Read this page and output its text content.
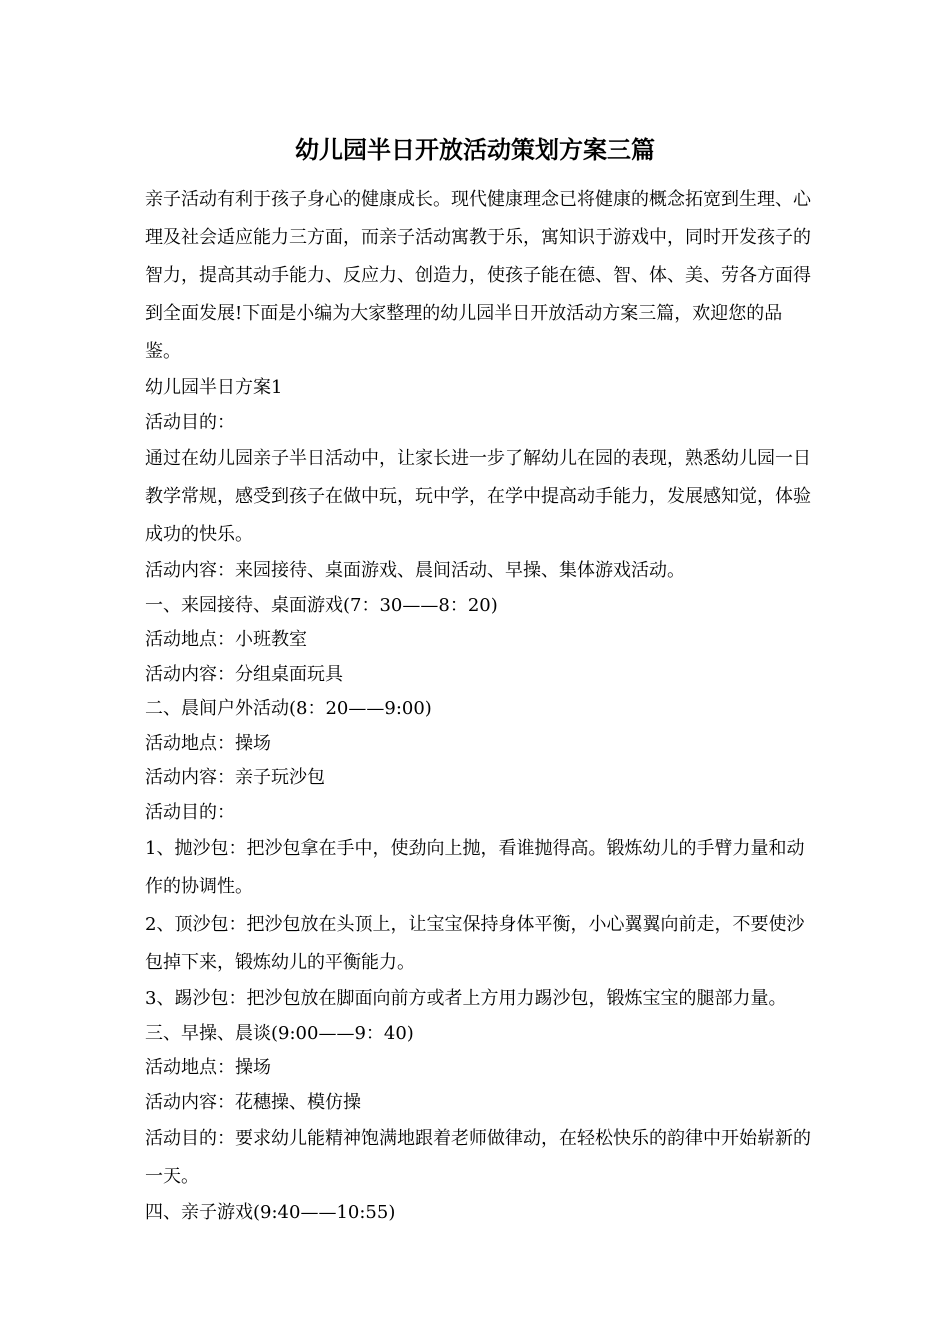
幼儿园半日开放活动策划方案三篇

亲子活动有利于孩子身心的健康成长。现代健康理念已将健康的概念拓宽到生理、心理及社会适应能力三方面，而亲子活动寓教于乐，寓知识于游戏中，同时开发孩子的智力，提高其动手能力、反应力、创造力，使孩子能在德、智、体、美、劳各方面得到全面发展!下面是小编为大家整理的幼儿园半日开放活动方案三篇，欢迎您的品鉴。

幼儿园半日方案1

活动目的：

通过在幼儿园亲子半日活动中，让家长进一步了解幼儿在园的表现，熟悉幼儿园一日教学常规，感受到孩子在做中玩，玩中学，在学中提高动手能力，发展感知觉，体验成功的快乐。

活动内容：来园接待、桌面游戏、晨间活动、早操、集体游戏活动。

一、来园接待、桌面游戏(7：30——8：20)

活动地点：小班教室

活动内容：分组桌面玩具

二、晨间户外活动(8：20——9:00)

活动地点：操场

活动内容：亲子玩沙包

活动目的：

1、抛沙包：把沙包拿在手中，使劲向上抛，看谁抛得高。锻炼幼儿的手臂力量和动作的协调性。

2、顶沙包：把沙包放在头顶上，让宝宝保持身体平衡，小心翼翼向前走，不要使沙包掉下来，锻炼幼儿的平衡能力。

3、踢沙包：把沙包放在脚面向前方或者上方用力踢沙包，锻炼宝宝的腿部力量。

三、早操、晨谈(9:00——9：40)

活动地点：操场

活动内容：花穗操、模仿操

活动目的：要求幼儿能精神饱满地跟着老师做律动，在轻松快乐的韵律中开始崭新的一天。

四、亲子游戏(9:40——10:55)
